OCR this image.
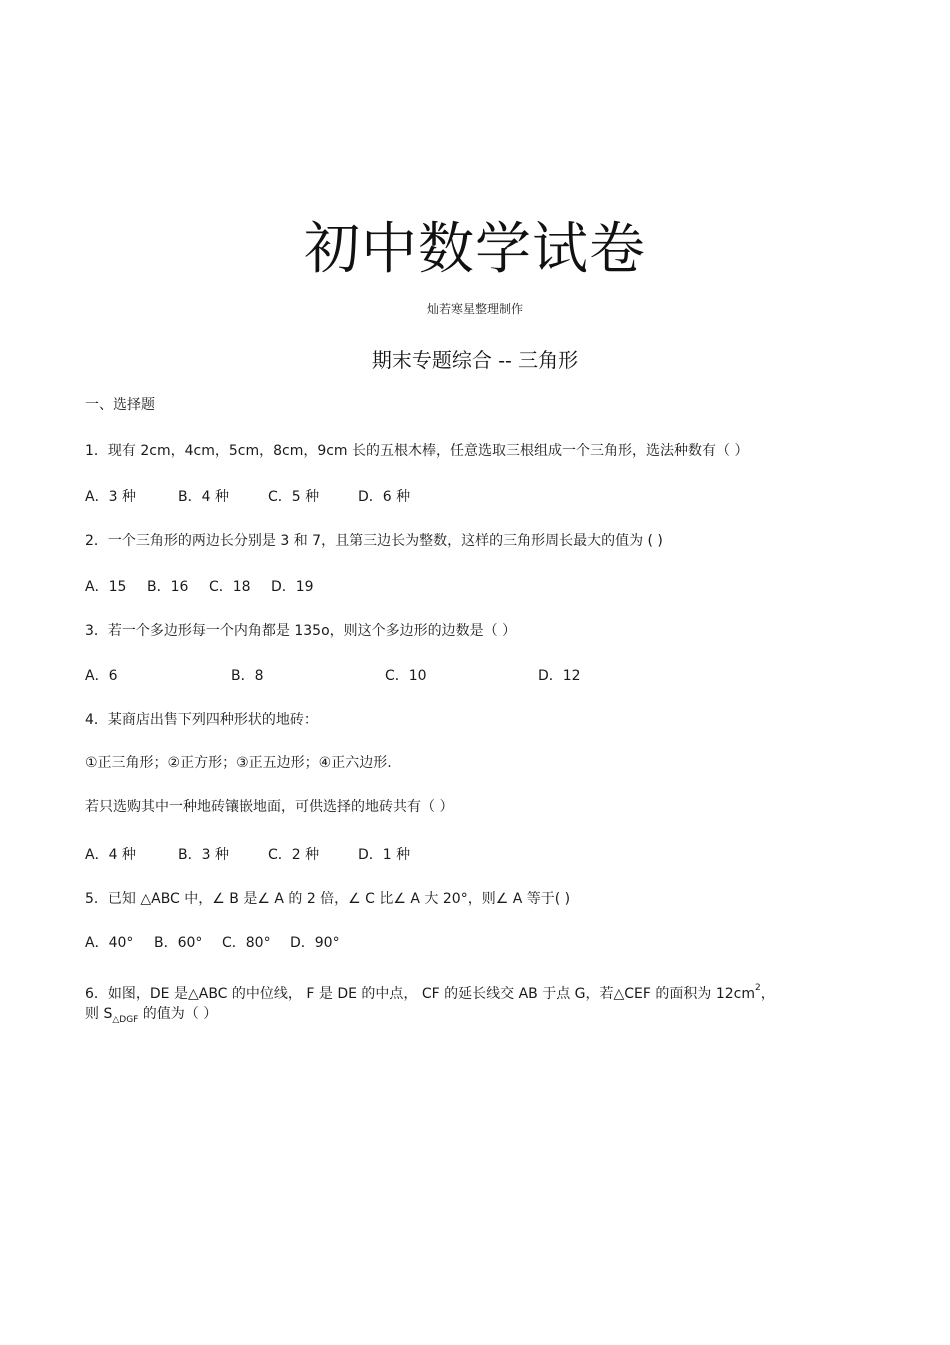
初中数学试卷
灿若寒星整理制作
期末专题综合 -- 三角形
一、选择题
1．现有 2cm，4cm，5cm，8cm，9cm 长的五根木棒，任意选取三根组成一个三角形，选法种数有（ ）
A．3 种	B．4 种	C．5 种	D．6 种
2．一个三角形的两边长分别是 3 和 7，且第三边长为整数，这样的三角形周长最大的值为 ( )
A．15 B．16 C．18 D．19
3．若一个多边形每一个内角都是 135o，则这个多边形的边数是（ ）
A．6	B．8	C．10	D．12
4．某商店出售下列四种形状的地砖：
①正三角形；②正方形；③正五边形；④正六边形.
若只选购其中一种地砖镶嵌地面，可供选择的地砖共有（ ）
A．4 种	B．3 种	C．2 种	D．1 种
5．已知 △ABC 中，∠ B 是∠ A 的 2 倍，∠ C 比∠ A 大 20°，则∠ A 等于( )
A．40° B．60° C．80° D．90°
6．如图，DE 是△ABC 的中位线， F 是 DE 的中点， CF 的延长线交 AB 于点 G，若△CEF 的面积为 $12cm^2$，
则 $S_{\triangle DGF}$ 的值为（ ）
